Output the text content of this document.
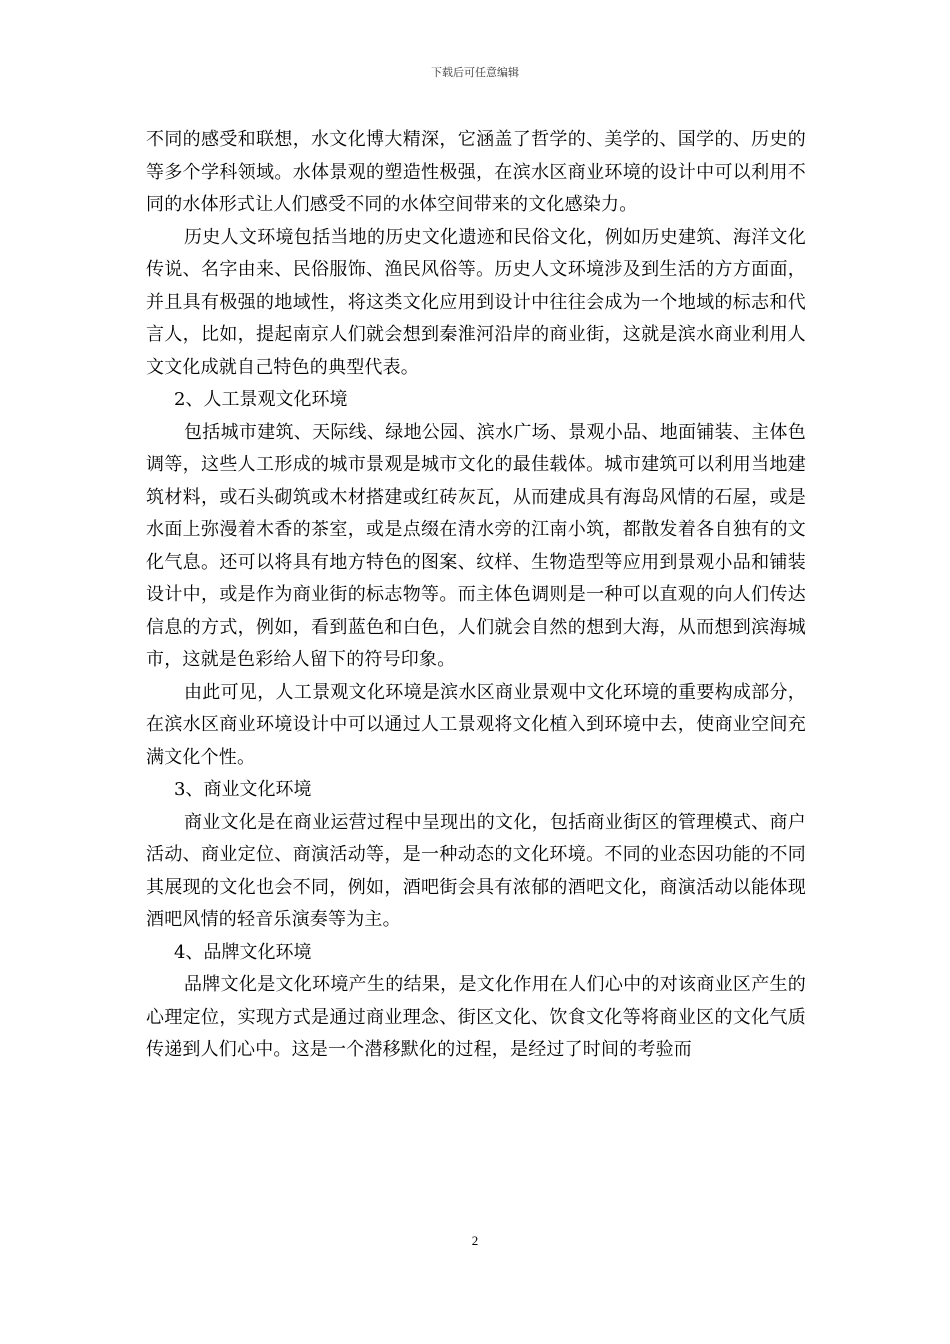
下载后可任意编辑

不同的感受和联想，水文化博大精深，它涵盖了哲学的、美学的、国学的、历史的等多个学科领域。水体景观的塑造性极强，在滨水区商业环境的设计中可以利用不同的水体形式让人们感受不同的水体空间带来的文化感染力。

历史人文环境包括当地的历史文化遗迹和民俗文化，例如历史建筑、海洋文化传说、名字由来、民俗服饰、渔民风俗等。历史人文环境涉及到生活的方方面面，并且具有极强的地域性，将这类文化应用到设计中往往会成为一个地域的标志和代言人，比如，提起南京人们就会想到秦淮河沿岸的商业街，这就是滨水商业利用人文文化成就自己特色的典型代表。

2、人工景观文化环境

包括城市建筑、天际线、绿地公园、滨水广场、景观小品、地面铺装、主体色调等，这些人工形成的城市景观是城市文化的最佳载体。城市建筑可以利用当地建筑材料，或石头砌筑或木材搭建或红砖灰瓦，从而建成具有海岛风情的石屋，或是水面上弥漫着木香的茶室，或是点缀在清水旁的江南小筑，都散发着各自独有的文化气息。还可以将具有地方特色的图案、纹样、生物造型等应用到景观小品和铺装设计中，或是作为商业街的标志物等。而主体色调则是一种可以直观的向人们传达信息的方式，例如，看到蓝色和白色，人们就会自然的想到大海，从而想到滨海城市，这就是色彩给人留下的符号印象。

由此可见，人工景观文化环境是滨水区商业景观中文化环境的重要构成部分，在滨水区商业环境设计中可以通过人工景观将文化植入到环境中去，使商业空间充满文化个性。

3、商业文化环境

商业文化是在商业运营过程中呈现出的文化，包括商业街区的管理模式、商户活动、商业定位、商演活动等，是一种动态的文化环境。不同的业态因功能的不同其展现的文化也会不同，例如，酒吧街会具有浓郁的酒吧文化，商演活动以能体现酒吧风情的轻音乐演奏等为主。

4、品牌文化环境

品牌文化是文化环境产生的结果，是文化作用在人们心中的对该商业区产生的心理定位，实现方式是通过商业理念、街区文化、饮食文化等将商业区的文化气质传递到人们心中。这是一个潜移默化的过程，是经过了时间的考验而

2
